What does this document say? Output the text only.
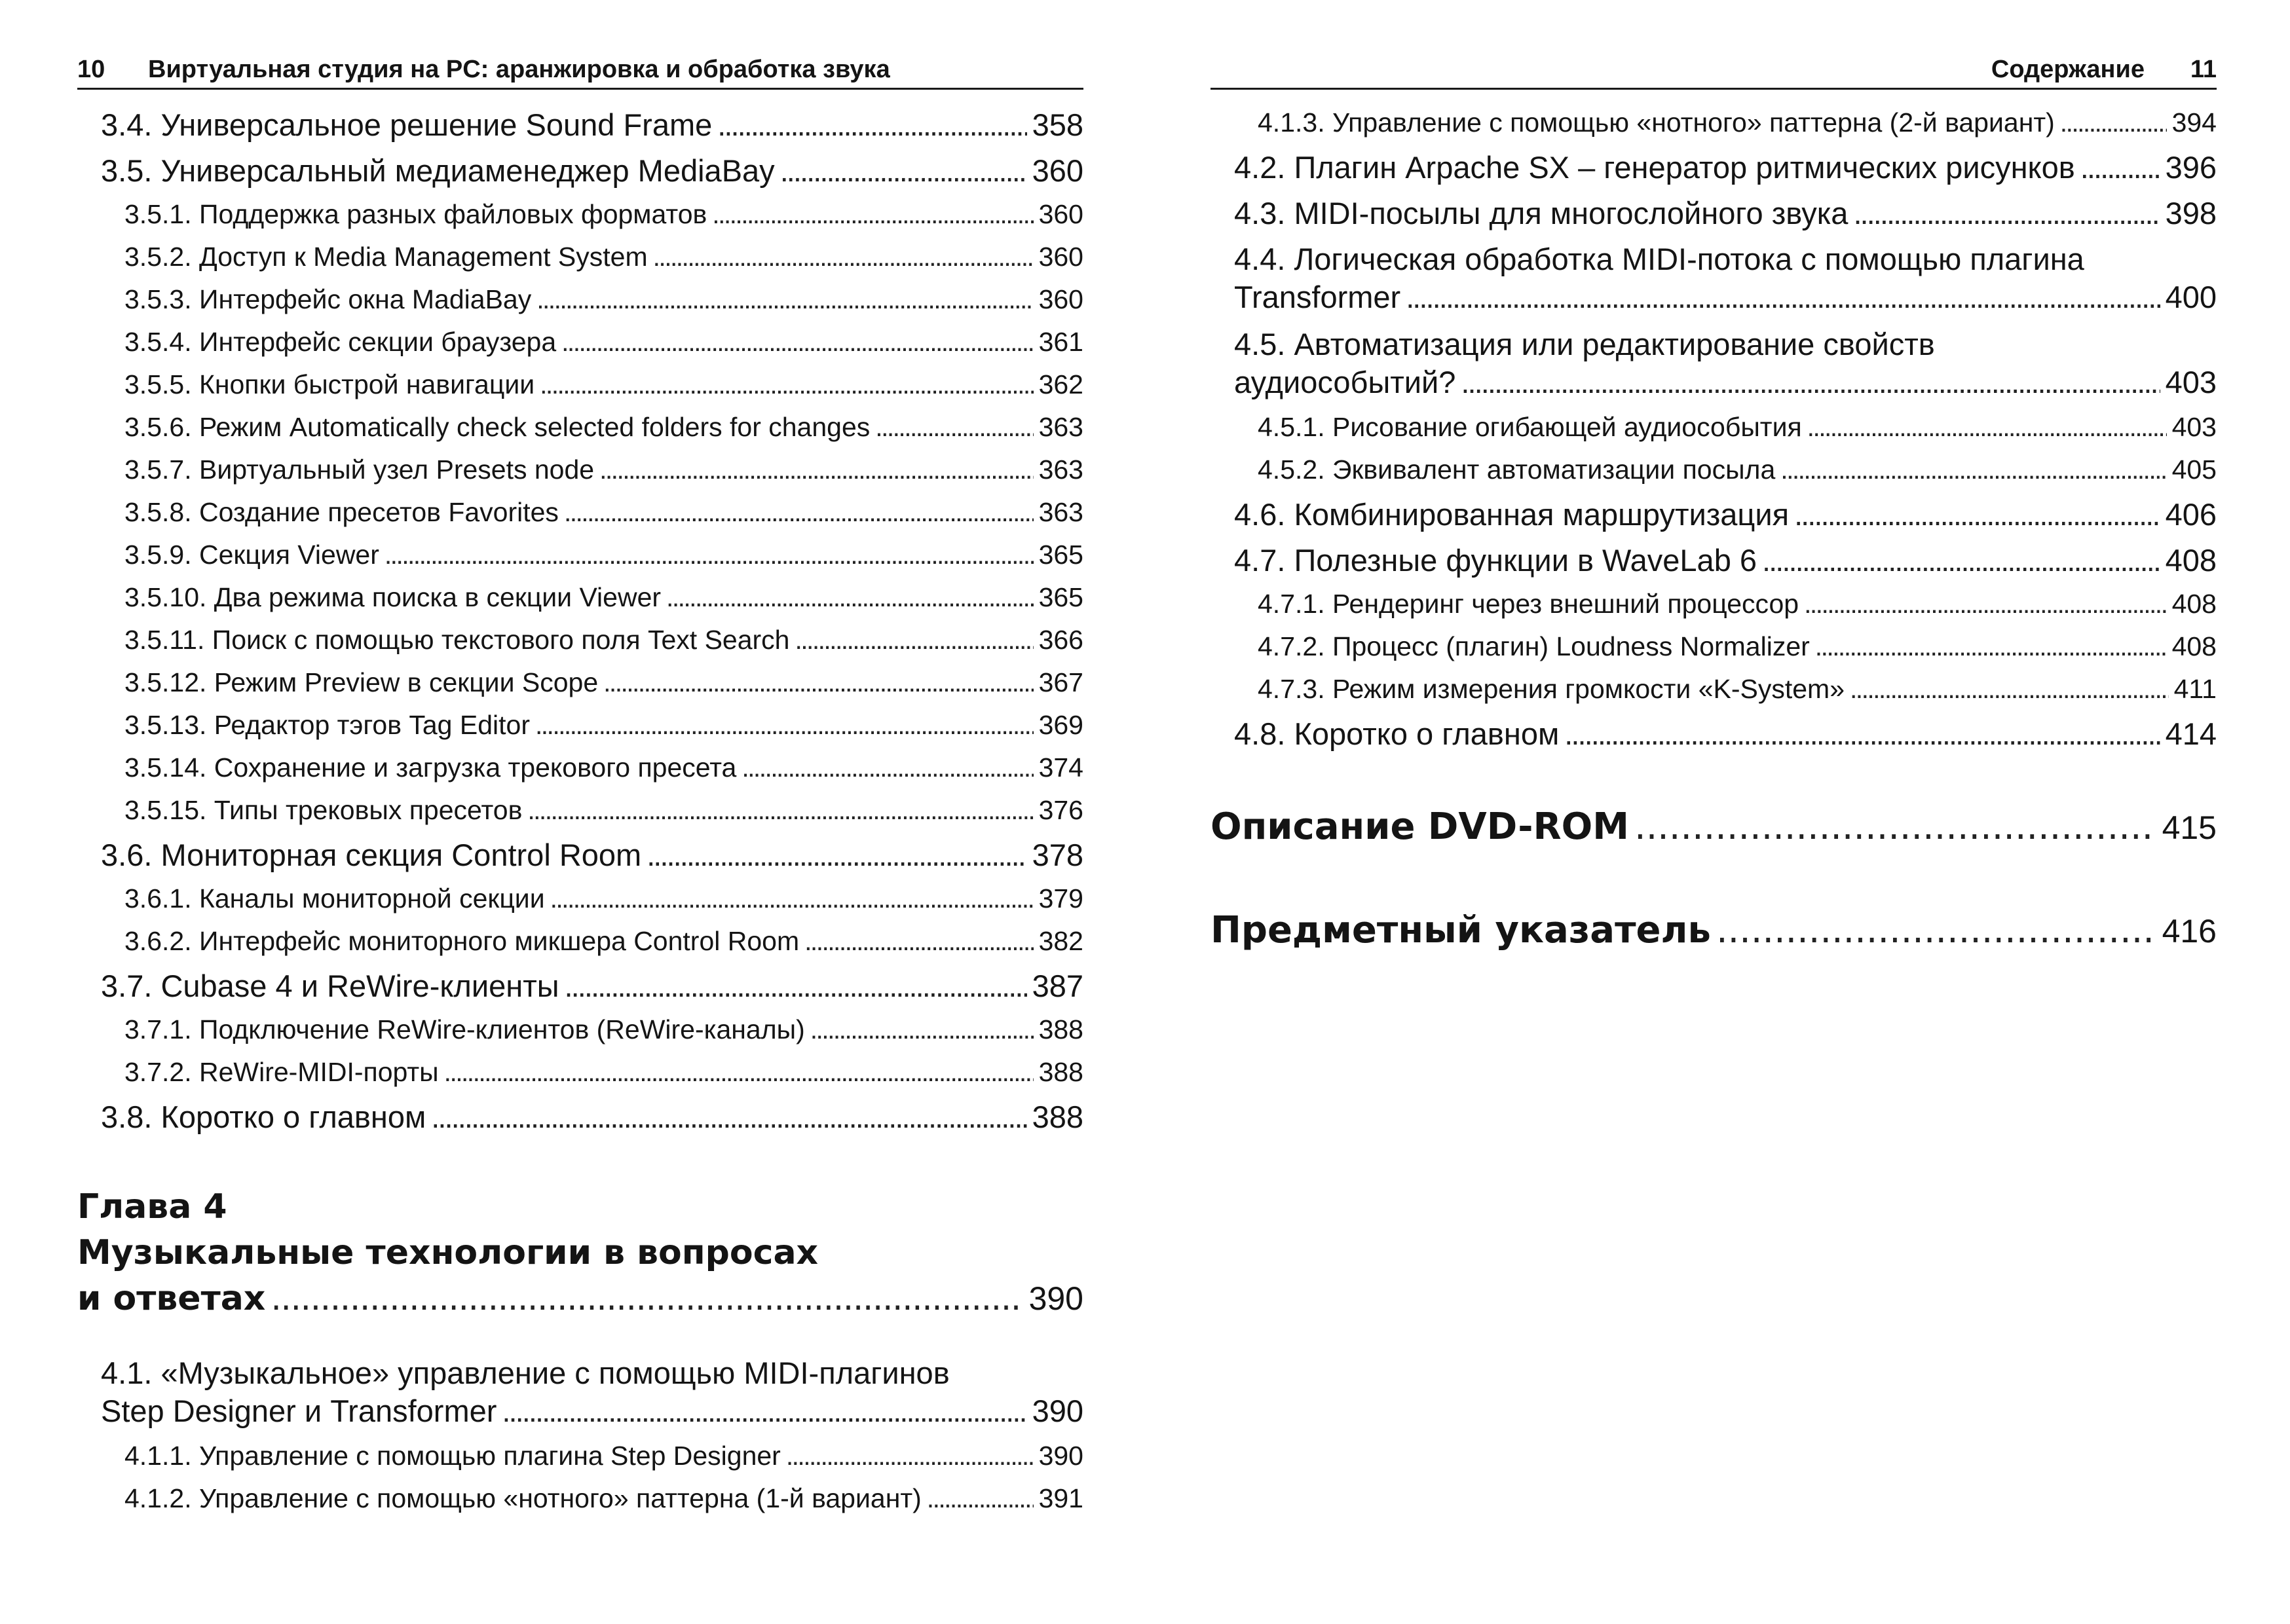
10 Виртуальная студия на PC: аранжировка и обработка звука
3.4. Универсальное решение Sound Frame . . .	358
3.5. Универсальный медиаменеджер MediaBay . . .	360
3.5.1. Поддержка разных файловых форматов . . .	360
3.5.2. Доступ к Media Management System . . .	360
3.5.3. Интерфейс окна MadiaBay . . .	360
3.5.4. Интерфейс секции браузера . . .	361
3.5.5. Кнопки быстрой навигации . . .	362
3.5.6. Режим Automatically check selected folders for changes . . .	363
3.5.7. Виртуальный узел Presets node . . .	363
3.5.8. Создание пресетов Favorites . . .	363
3.5.9. Секция Viewer . . .	365
3.5.10. Два режима поиска в секции Viewer . . .	365
3.5.11. Поиск с помощью текстового поля Text Search . . .	366
3.5.12. Режим Preview в секции Scope . . .	367
3.5.13. Редактор тэгов Tag Editor . . .	369
3.5.14. Сохранение и загрузка трекового пресета . . .	374
3.5.15. Типы трековых пресетов . . .	376
3.6. Мониторная секция Control Room . . .	378
3.6.1. Каналы мониторной секции . . .	379
3.6.2. Интерфейс мониторного микшера Control Room . . .	382
3.7. Cubase 4 и ReWire-клиенты . . .	387
3.7.1. Подключение ReWire-клиентов (ReWire-каналы) . . .	388
3.7.2. ReWire-MIDI-порты . . .	388
3.8. Коротко о главном . . .	388
Глава 4
Музыкальные технологии в вопросах
и ответах . . .	390
4.1. «Музыкальное» управление с помощью MIDI-плагинов
Step Designer и Transformer . . .	390
4.1.1. Управление с помощью плагина Step Designer . . .	390
4.1.2. Управление с помощью «нотного» паттерна (1-й вариант) . . .	391
Содержание 11
4.1.3. Управление с помощью «нотного» паттерна (2-й вариант) . . .	394
4.2. Плагин Arpache SX – генератор ритмических рисунков . . .	396
4.3. MIDI-посылы для многослойного звука . . .	398
4.4. Логическая обработка MIDI-потока с помощью плагина
Transformer . . .	400
4.5. Автоматизация или редактирование свойств
аудиособытий? . . .	403
4.5.1. Рисование огибающей аудиособытия . . .	403
4.5.2. Эквивалент автоматизации посыла . . .	405
4.6. Комбинированная маршрутизация . . .	406
4.7. Полезные функции в WaveLab 6 . . .	408
4.7.1. Рендеринг через внешний процессор . . .	408
4.7.2. Процесс (плагин) Loudness Normalizer . . .	408
4.7.3. Режим измерения громкости «K-System» . . .	411
4.8. Коротко о главном . . .	414
Описание DVD-ROM . . .	415
Предметный указатель . . .	416
